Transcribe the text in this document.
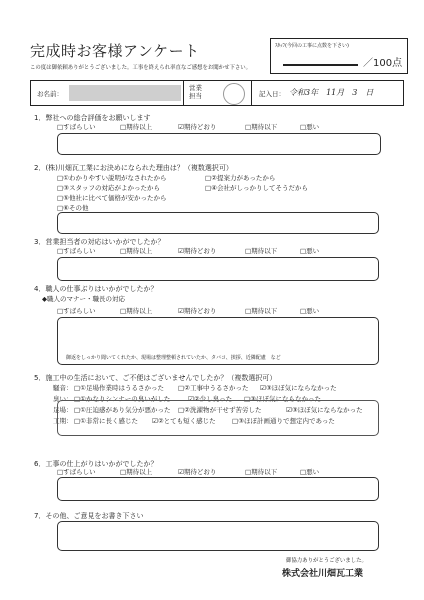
完成時お客様アンケート
この度は御依頼ありがとうございました。工事を終えられ率直なご感想をお聞かせ下さい。
ｽﾀｯﾌ(今回の工事に点数を下さい)
／100点
お名前：
営業
担当	記入日： 令和3年　11月　3　日
1．弊社への総合評価をお願いします
□すばらしい	□期待以上	☑期待どおり	□期待以下	□悪い
2．(株)川畑瓦工業にお決めになられた理由は？（複数選択可）
□①わかりやすい説明がなされたから	□②提案力があったから
□③スタッフの対応がよかったから	□④会社がしっかりしてそうだから
□⑤他社に比べて価格が安かったから
□⑥その他
3．営業担当者の対応はいかがでしたか？
□すばらしい	□期待以上	☑期待どおり	□期待以下	□悪い
4．職人の仕事ぶりはいかがでしたか？
◆職人のマナー・職長の対応
□すばらしい	□期待以上	☑期待どおり	□期待以下	□悪い
御返をしっかり聞いてくれたか、現場は整理整頓されていたか、タバコ、挨拶、近隣配慮　など
5．施工中の生活において、ご不便はございませんでしたか？（複数選択可）
騒音： □①足場作業時はうるさかった □②工事中うるさかった ☑③ほぼ気にならなかった
臭い： □①かなりシンナーの臭いがした	☑②少し臭った □③ほぼ気にならなかった
足場： □①圧迫感があり気分が悪かった □②洗濯物が干せず苦労した	☑③ほぼ気にならなかった
工期： □①非常に長く感じた ☑②とても短く感じた	□③ほぼ計画通りで想定内であった
6．工事の仕上がりはいかがでしたか？
□すばらしい	□期待以上	☑期待どおり	□期待以下	□悪い
7．その他、ご意見をお書き下さい
御協力ありがとうございました。
株式会社川畑瓦工業
